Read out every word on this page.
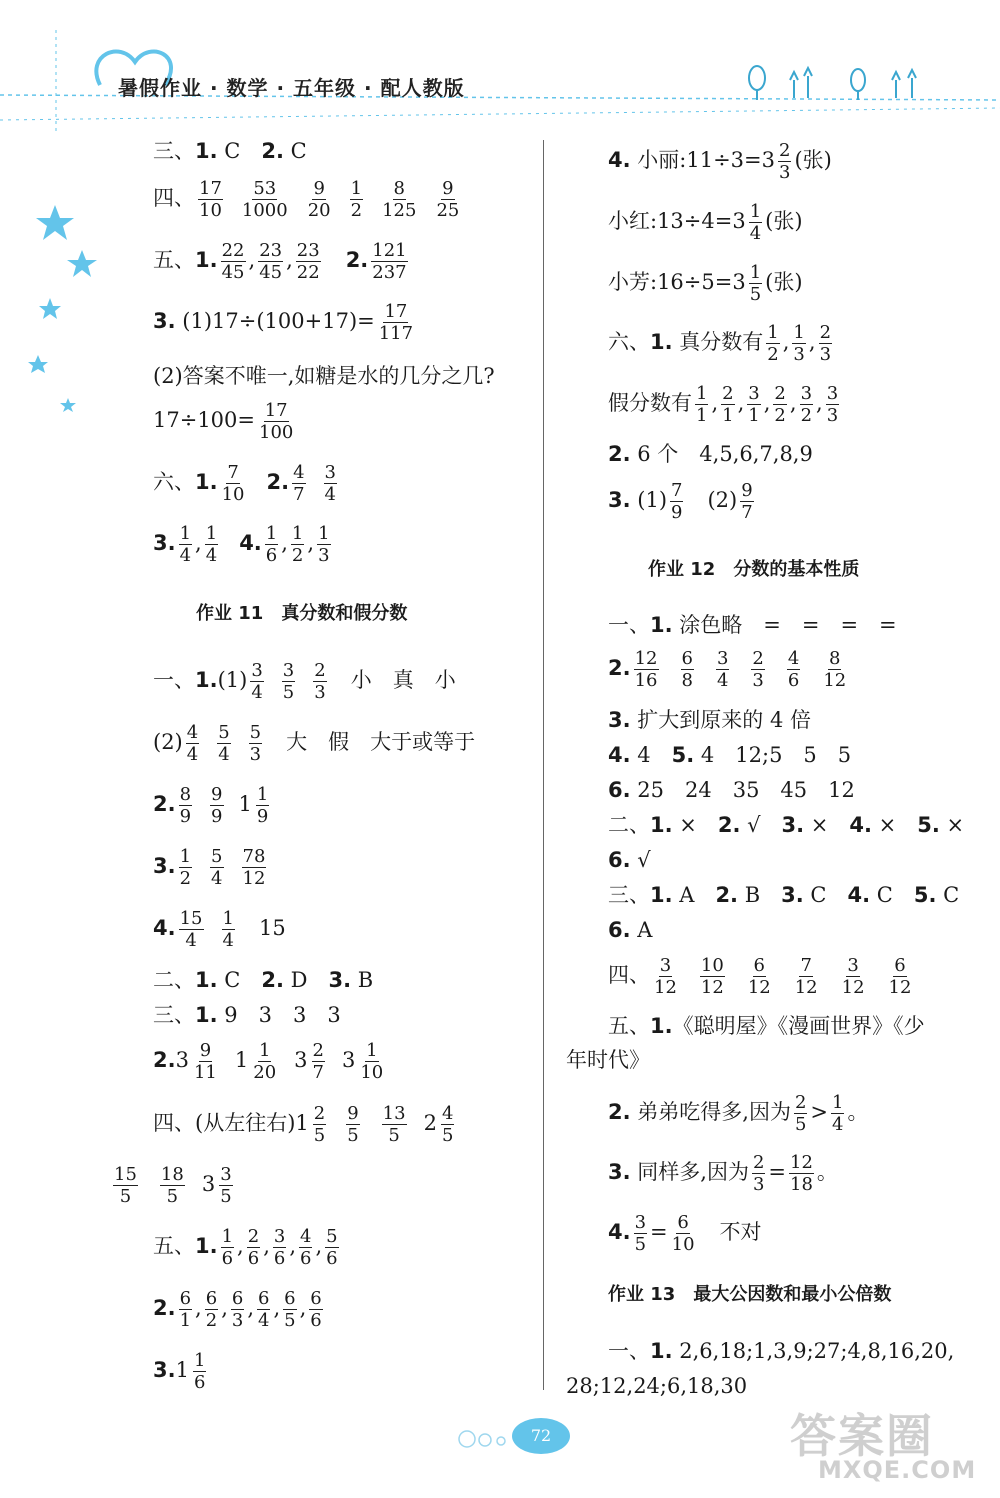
暑假作业 · 数学 · 五年级 · 配人教版
三、1. C　2. C
四、 $\frac{17}{10} \frac{53}{1000} \frac{9}{20} \frac{1}{2} \frac{8}{125} \frac{9}{25}$
五、1. $\frac{22}{45}$ , $\frac{23}{45}$ , $\frac{23}{22} 2$. $\frac{121}{237}$
3. $(1)17\div(100+17)= \frac{17}{117}$
(2)答案不唯一,如糖是水的几分之几?
$17\div 100= \frac{17}{100}$
六、1. $\frac{7}{10} 2$. $\frac{4}{7} \frac{3}{4}$
3. $\frac{1}{4}$ , $\frac{1}{4} 4$. $\frac{1}{6}$ , $\frac{1}{2}$ , $\frac{1}{3}$
作业 11　真分数和假分数
一、$1.(1) \frac{3}{4} \frac{3}{5} \frac{2}{3}$
　 小　真　小
$(2) \frac{4}{4} \frac{5}{4} \frac{5}{3}$
　 大　假　大于或等于
2. $\frac{8}{9} \frac{9}{9} 1 \frac{1}{9}$
3. $\frac{1}{2} \frac{5}{4} \frac{78}{12}$
4. $\frac{15}{4} \frac{1}{4}$
　 15
二、1. C　2. D　3. B
三、1. 9　3　3　3
$2.3 \frac{9}{11} 1 \frac{1}{20} 3 \frac{2}{7} 3 \frac{1}{10}$
四、(从左往右)$1 \frac{2}{5} \frac{9}{5} \frac{13}{5} 2 \frac{4}{5}$
$\frac{15}{5} \frac{18}{5} 3 \frac{3}{5}$
五、1. $\frac{1}{6}$ , $\frac{2}{6}$ , $\frac{3}{6}$ , $\frac{4}{6}$ , $\frac{5}{6}$
2. $\frac{6}{1}$ , $\frac{6}{2}$ , $\frac{6}{3}$ , $\frac{6}{4}$ , $\frac{6}{5}$ , $\frac{6}{6}$
$3.1 \frac{1}{6}$
4. 小丽:11÷3=3 $\frac{2}{3}$ (张)
小红:13÷4=3 $\frac{1}{4}$ (张)
小芳:16÷5=3 $\frac{1}{5}$ (张)
六、1. 真分数有 $\frac{1}{2}$ , $\frac{1}{3}$ , $\frac{2}{3}$
假分数有 $\frac{1}{1}$ , $\frac{2}{1}$ , $\frac{3}{1}$ , $\frac{2}{2}$ , $\frac{3}{2}$ , $\frac{3}{3}$
2. 6 个　4,5,6,7,8,9
3. $(1) \frac{7}{9}$ 　$(2) \frac{9}{7}$
作业 12　分数的基本性质
一、1. 涂色略　=　=　=　=
2. $\frac{12}{16} \frac{6}{8} \frac{3}{4} \frac{2}{3} \frac{4}{6} \frac{8}{12}$
3. 扩大到原来的 4 倍
4. 4　5. 4　12;5　5　5
6. 25　24　35　45　12
二、1. ×　2. √　3. ×　4. ×　5. ×
6. √
三、1. A　2. B　3. C　4. C　5. C
6. A
四、 $\frac{3}{12} \frac{10}{12} \frac{6}{12} \frac{7}{12} \frac{3}{12} \frac{6}{12}$
五、1.《聪明屋》《漫画世界》《少
年时代》
2. 弟弟吃得多,因为 $\frac{2}{5} > \frac{1}{4}$ 。
3. 同样多,因为 $\frac{2}{3} = \frac{12}{18}$ 。
4. $\frac{3}{5} = \frac{6}{10}$ 　不对
作业 13　最大公因数和最小公倍数
一、1. 2,6,18;1,3,9;27;4,8,16,20,
28;12,24;6,18,30
72	答案圈
MXQE.COM
